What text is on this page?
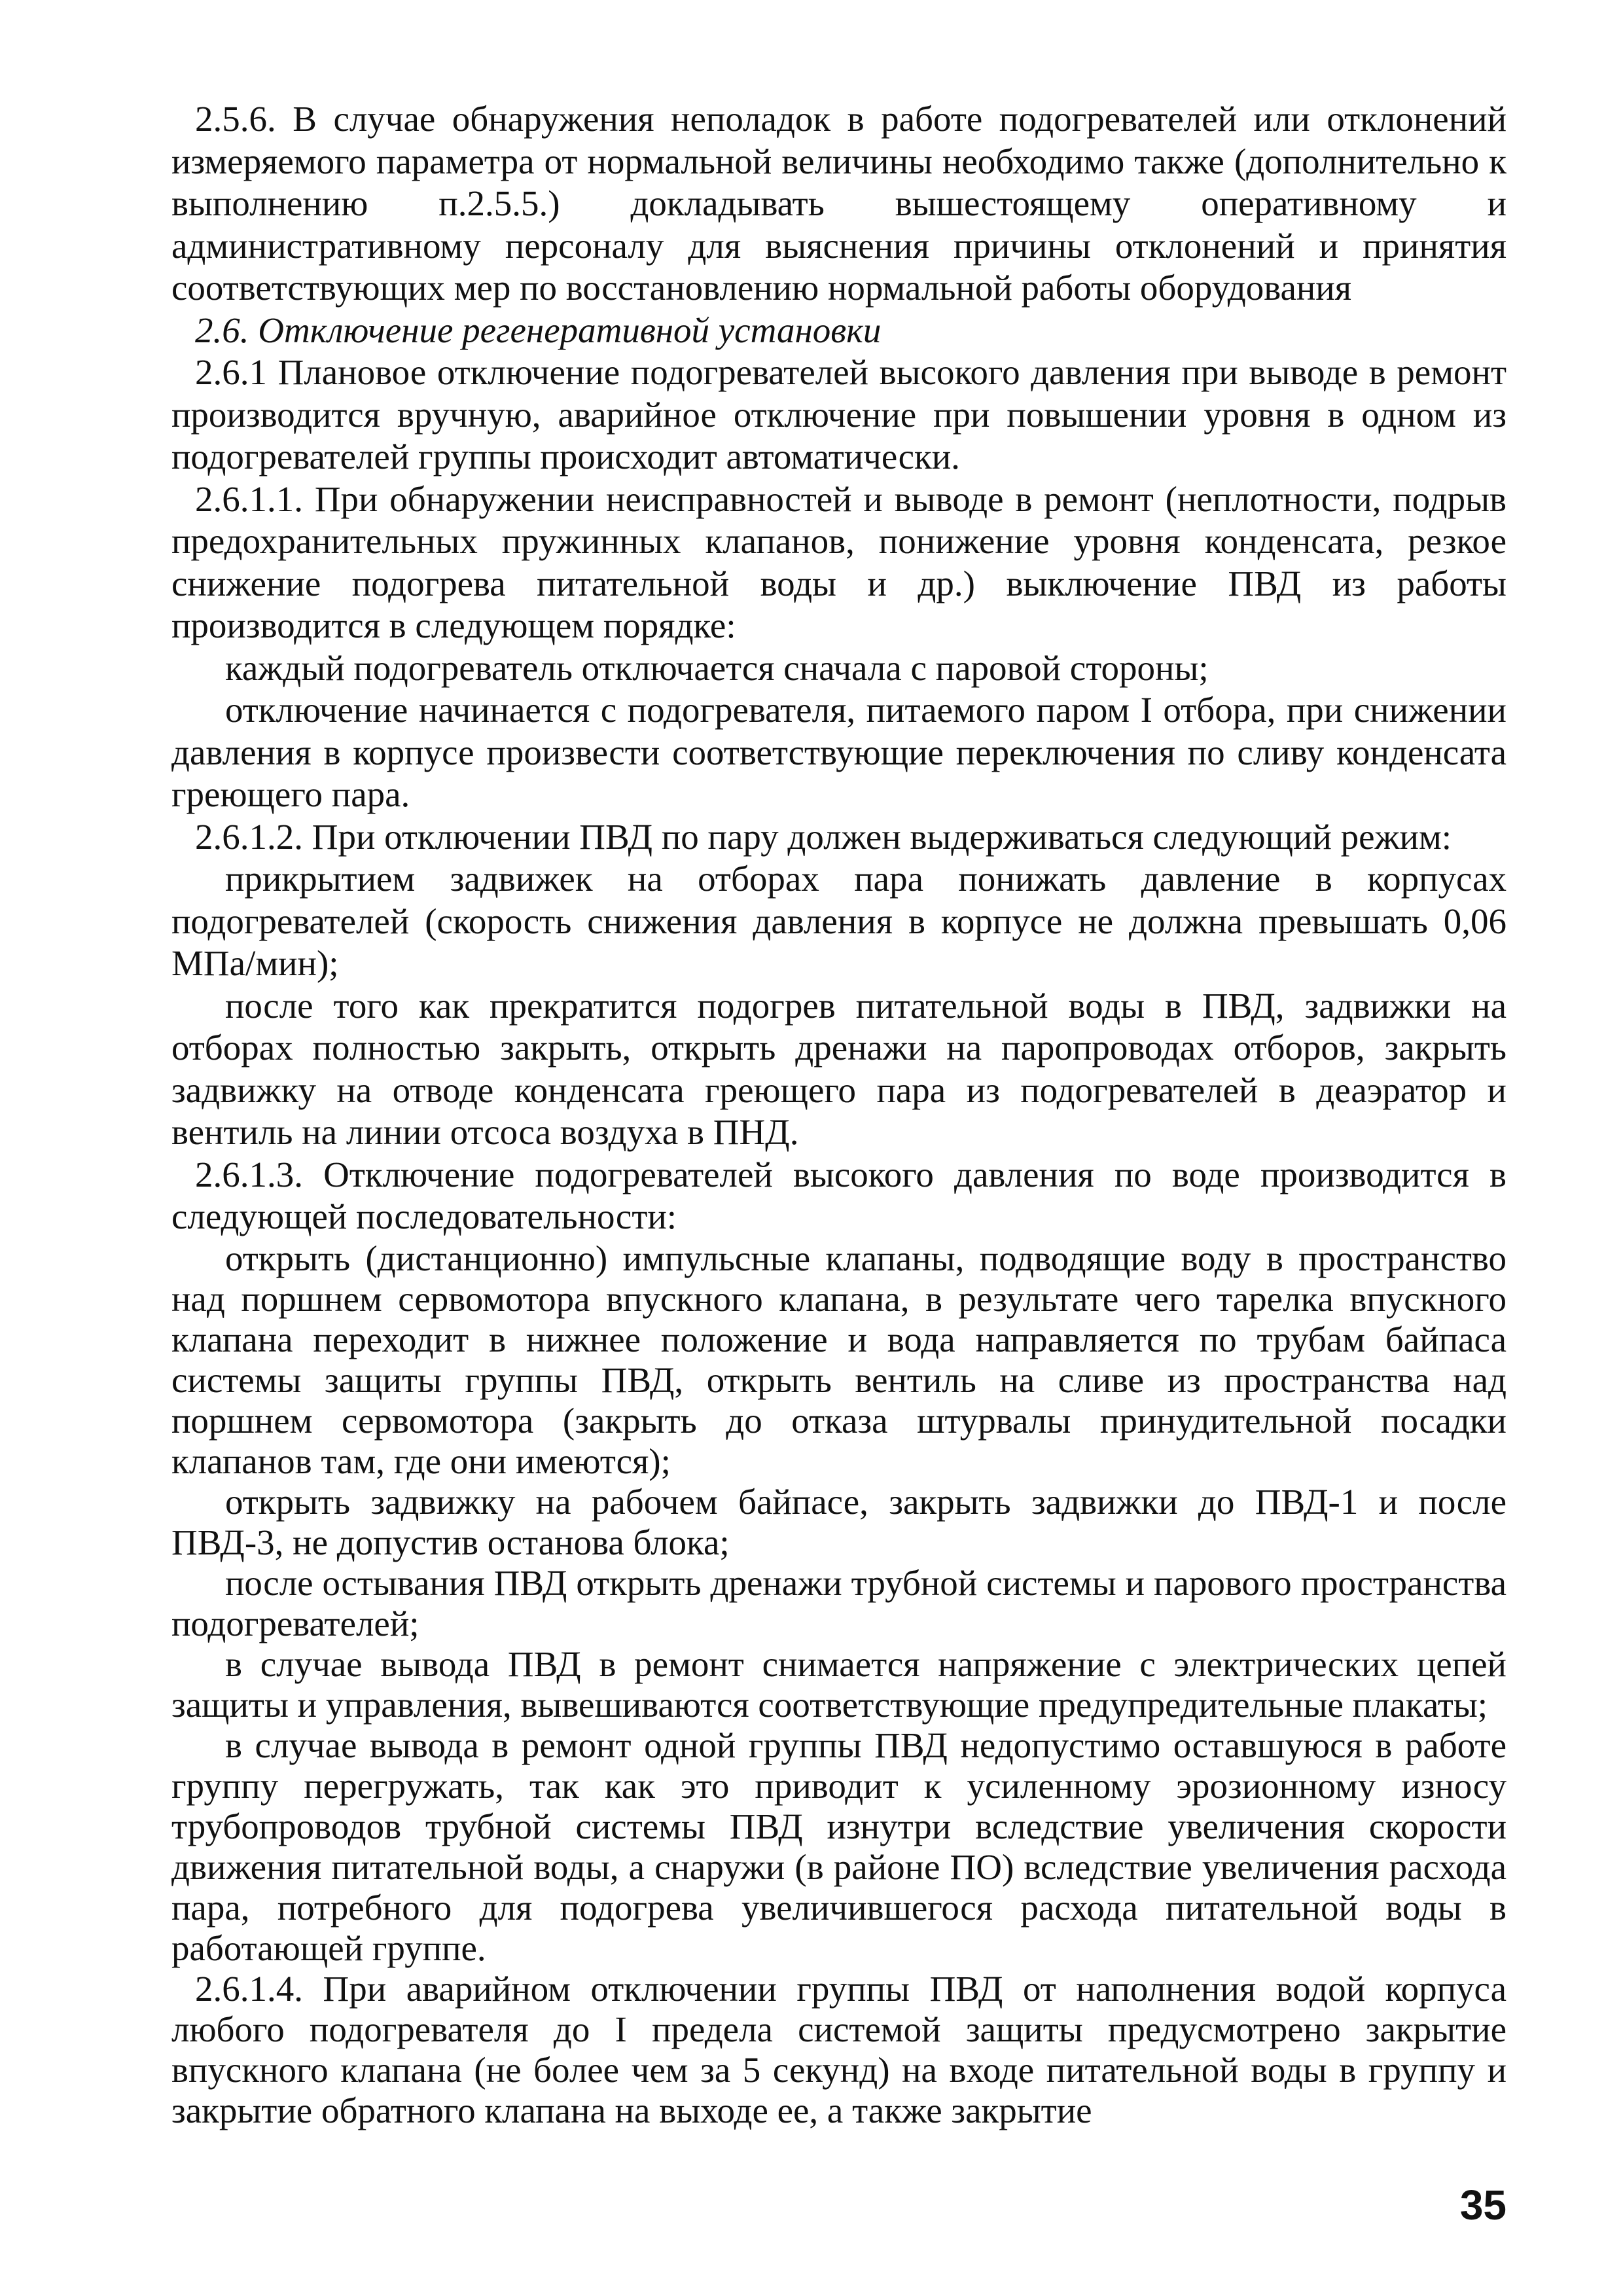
2.5.6. В случае обнаружения неполадок в работе подогревателей или отклонений измеряемого параметра от нормальной величины необходимо также (дополнительно к выполнению п.2.5.5.) докладывать вышестоящему оперативному и административному персоналу для выяснения причины отклонений и принятия соответствующих мер по восстановлению нормальной работы оборудования

2.6. Отключение регенеративной установки

2.6.1 Плановое отключение подогревателей высокого давления при выводе в ремонт производится вручную, аварийное отключение при повышении уровня в одном из подогревателей группы происходит автоматически.

2.6.1.1. При обнаружении неисправностей и выводе в ремонт (неплотности, подрыв предохранительных пружинных клапанов, понижение уровня конденсата, резкое снижение подогрева питательной воды и др.) выключение ПВД из работы производится в следующем порядке:

каждый подогреватель отключается сначала с паровой стороны;

отключение начинается с подогревателя, питаемого паром I отбора, при снижении давления в корпусе произвести соответствующие переключения по сливу конденсата греющего пара.

2.6.1.2. При отключении ПВД по пару должен выдерживаться следующий режим:

прикрытием задвижек на отборах пара понижать давление в корпусах подогревателей (скорость снижения давления в корпусе не должна превышать 0,06 МПа/мин);

после того как прекратится подогрев питательной воды в ПВД, задвижки на отборах полностью закрыть, открыть дренажи на паропроводах отборов, закрыть задвижку на отводе конденсата греющего пара из подогревателей в деаэратор и вентиль на линии отсоса воздуха в ПНД.

2.6.1.3. Отключение подогревателей высокого давления по воде производится в следующей последовательности:

открыть (дистанционно) импульсные клапаны, подводящие воду в пространство над поршнем сервомотора впускного клапана, в результате чего тарелка впускного клапана переходит в нижнее положение и вода направляется по трубам байпаса системы защиты группы ПВД, открыть вентиль на сливе из пространства над поршнем сервомотора (закрыть до отказа штурвалы принудительной посадки клапанов там, где они имеются);

открыть задвижку на рабочем байпасе, закрыть задвижки до ПВД-1 и после ПВД-3, не допустив останова блока;

после остывания ПВД открыть дренажи трубной системы и парового пространства подогревателей;

в случае вывода ПВД в ремонт снимается напряжение с электрических цепей защиты и управления, вывешиваются соответствующие предупредительные плакаты;

в случае вывода в ремонт одной группы ПВД недопустимо оставшуюся в работе группу перегружать, так как это приводит к усиленному эрозионному износу трубопроводов трубной системы ПВД изнутри вследствие увеличения скорости движения питательной воды, а снаружи (в районе ПО) вследствие увеличения расхода пара, потребного для подогрева увеличившегося расхода питательной воды в работающей группе.

2.6.1.4. При аварийном отключении группы ПВД от наполнения водой корпуса любого подогревателя до I предела системой защиты предусмотрено закрытие впускного клапана (не более чем за 5 секунд) на входе питательной воды в группу и закрытие обратного клапана на выходе ее, а также закрытие

35
